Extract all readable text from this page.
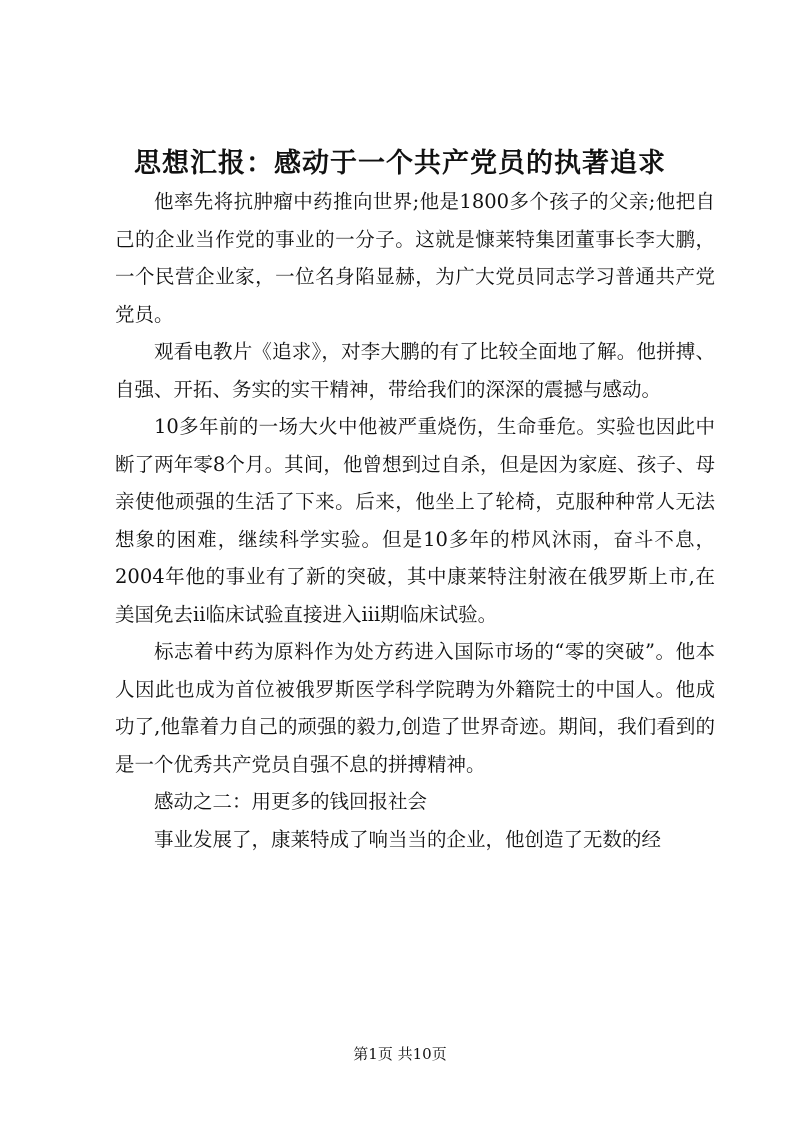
思想汇报：感动于一个共产党员的执著追求

他率先将抗肿瘤中药推向世界;他是1800多个孩子的父亲;他把自己的企业当作党的事业的一分子。这就是慷莱特集团董事长李大鹏，一个民营企业家，一位名身陷显赫，为广大党员同志学习普通共产党党员。

观看电教片《追求》，对李大鹏的有了比较全面地了解。他拼搏、自强、开拓、务实的实干精神，带给我们的深深的震撼与感动。

10多年前的一场大火中他被严重烧伤，生命垂危。实验也因此中断了两年零8个月。其间，他曾想到过自杀，但是因为家庭、孩子、母亲使他顽强的生活了下来。后来，他坐上了轮椅，克服种种常人无法想象的困难，继续科学实验。但是10多年的栉风沐雨，奋斗不息，2004年他的事业有了新的突破，其中康莱特注射液在俄罗斯上市,在美国免去ii临床试验直接进入iii期临床试验。

标志着中药为原料作为处方药进入国际市场的“零的突破”。他本人因此也成为首位被俄罗斯医学科学院聘为外籍院士的中国人。他成功了,他靠着力自己的顽强的毅力,创造了世界奇迹。期间，我们看到的是一个优秀共产党员自强不息的拼搏精神。

感动之二：用更多的钱回报社会

事业发展了，康莱特成了响当当的企业，他创造了无数的经

第1页 共10页
